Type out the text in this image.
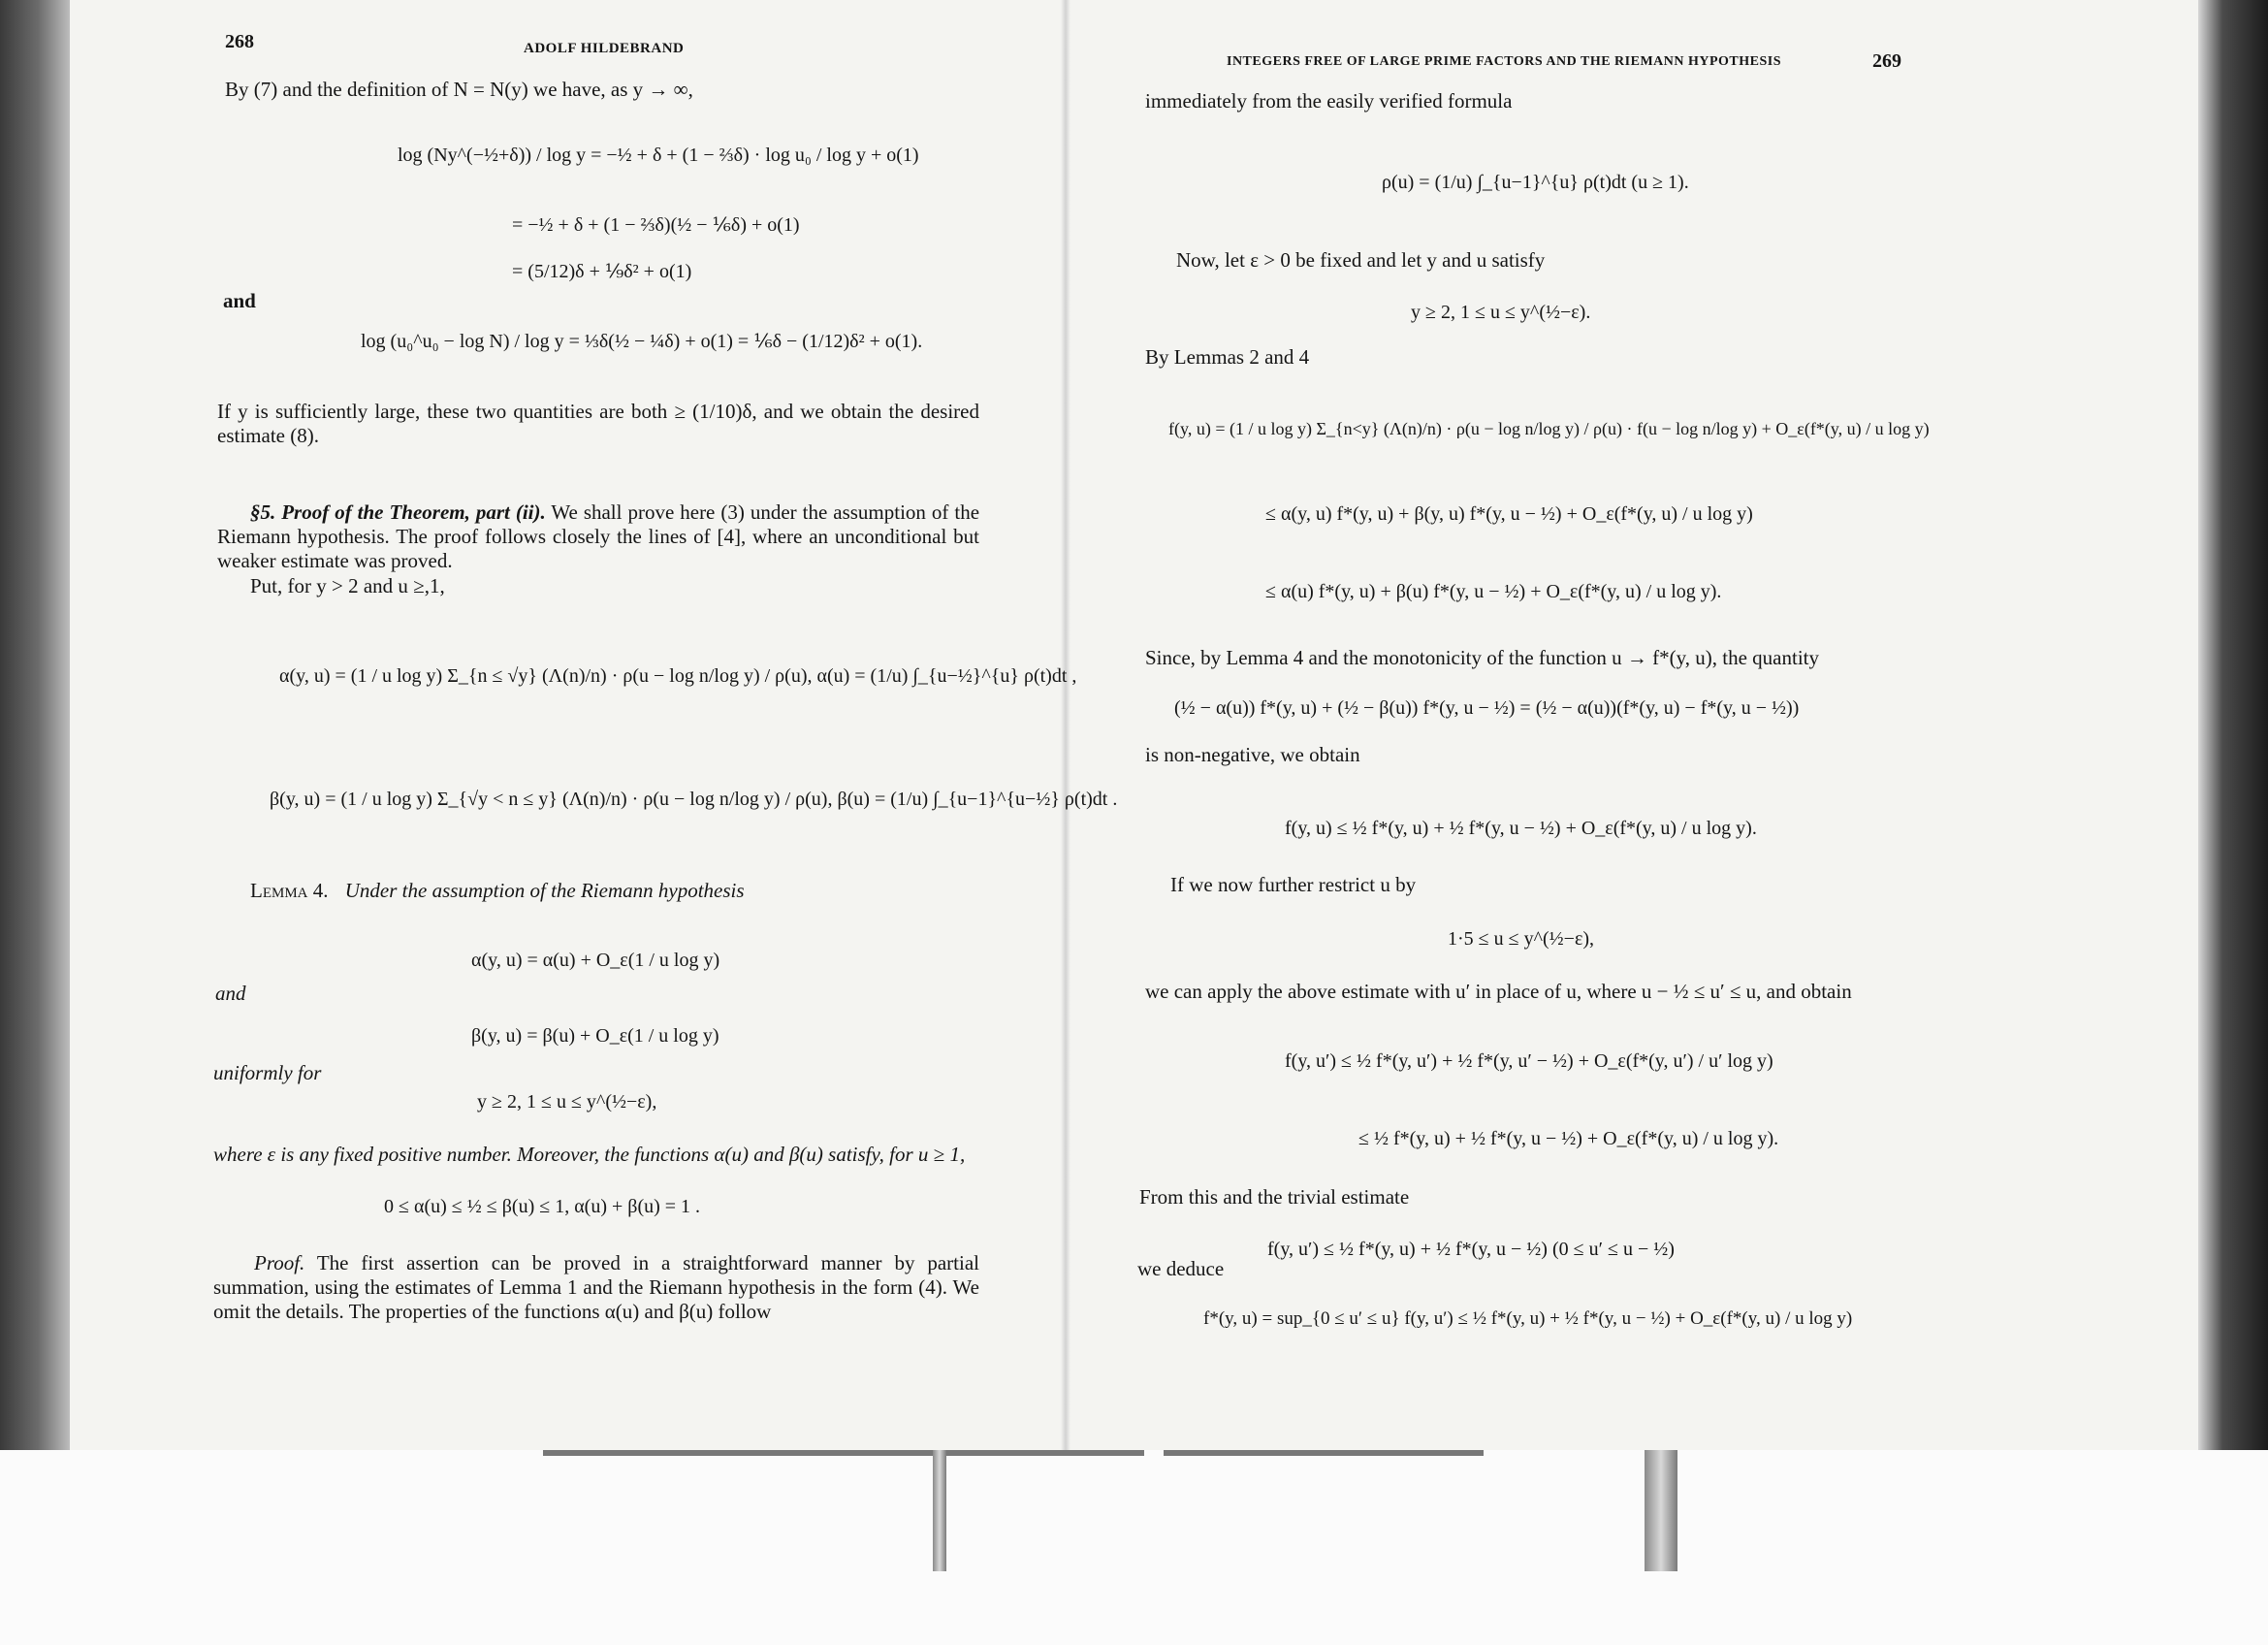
268	ADOLF HILDEBRAND
By (7) and the definition of N = N(y) we have, as y → ∞,
log (Ny^(−½+δ)) / log y = −½ + δ + (1 − ⅔δ) · log u₀ / log y + o(1)
= −½ + δ + (1 − ⅔δ)(½ − ⅙δ) + o(1)
= (5/12)δ + ⅑δ² + o(1)
and
log (u₀^u₀ − log N) / log y = ⅓δ(½ − ¼δ) + o(1) = ⅙δ − (1/12)δ² + o(1).
If y is sufficiently large, these two quantities are both ≥ (1/10)δ, and we obtain the desired estimate (8).
§5. Proof of the Theorem, part (ii). We shall prove here (3) under the assumption of the Riemann hypothesis. The proof follows closely the lines of [4], where an unconditional but weaker estimate was proved.
Put, for y > 2 and u ≥,1,
α(y, u) = (1 / u log y) Σ_{n ≤ √y} (Λ(n)/n) · ρ(u − log n/log y) / ρ(u), α(u) = (1/u) ∫_{u−½}^{u} ρ(t)dt ,
β(y, u) = (1 / u log y) Σ_{√y < n ≤ y} (Λ(n)/n) · ρ(u − log n/log y) / ρ(u), β(u) = (1/u) ∫_{u−1}^{u−½} ρ(t)dt .
Lemma 4. Under the assumption of the Riemann hypothesis
α(y, u) = α(u) + O_ε(1 / u log y)
and
β(y, u) = β(u) + O_ε(1 / u log y)
uniformly for
y ≥ 2, 1 ≤ u ≤ y^(½−ε),
where ε is any fixed positive number. Moreover, the functions α(u) and β(u) satisfy, for u ≥ 1,
0 ≤ α(u) ≤ ½ ≤ β(u) ≤ 1, α(u) + β(u) = 1 .
Proof. The first assertion can be proved in a straightforward manner by partial summation, using the estimates of Lemma 1 and the Riemann hypothesis in the form (4). We omit the details. The properties of the functions α(u) and β(u) follow
INTEGERS FREE OF LARGE PRIME FACTORS AND THE RIEMANN HYPOTHESIS	269
immediately from the easily verified formula
ρ(u) = (1/u) ∫_{u−1}^{u} ρ(t)dt (u ≥ 1).
Now, let ε > 0 be fixed and let y and u satisfy
y ≥ 2, 1 ≤ u ≤ y^(½−ε).
By Lemmas 2 and 4
f(y, u) = (1 / u log y) Σ_{n<y} (Λ(n)/n) · ρ(u − log n/log y) / ρ(u) · f(u − log n/log y) + O_ε(f*(y, u) / u log y)
≤ α(y, u) f*(y, u) + β(y, u) f*(y, u − ½) + O_ε(f*(y, u) / u log y)
≤ α(u) f*(y, u) + β(u) f*(y, u − ½) + O_ε(f*(y, u) / u log y).
Since, by Lemma 4 and the monotonicity of the function u → f*(y, u), the quantity
(½ − α(u)) f*(y, u) + (½ − β(u)) f*(y, u − ½) = (½ − α(u))(f*(y, u) − f*(y, u − ½))
is non-negative, we obtain
f(y, u) ≤ ½ f*(y, u) + ½ f*(y, u − ½) + O_ε(f*(y, u) / u log y).
If we now further restrict u by
1·5 ≤ u ≤ y^(½−ε),
we can apply the above estimate with u′ in place of u, where u − ½ ≤ u′ ≤ u, and obtain
f(y, u′) ≤ ½ f*(y, u′) + ½ f*(y, u′ − ½) + O_ε(f*(y, u′) / u′ log y)
≤ ½ f*(y, u) + ½ f*(y, u − ½) + O_ε(f*(y, u) / u log y).
From this and the trivial estimate
f(y, u′) ≤ ½ f*(y, u) + ½ f*(y, u − ½) (0 ≤ u′ ≤ u − ½)
we deduce
f*(y, u) = sup_{0 ≤ u′ ≤ u} f(y, u′) ≤ ½ f*(y, u) + ½ f*(y, u − ½) + O_ε(f*(y, u) / u log y)
